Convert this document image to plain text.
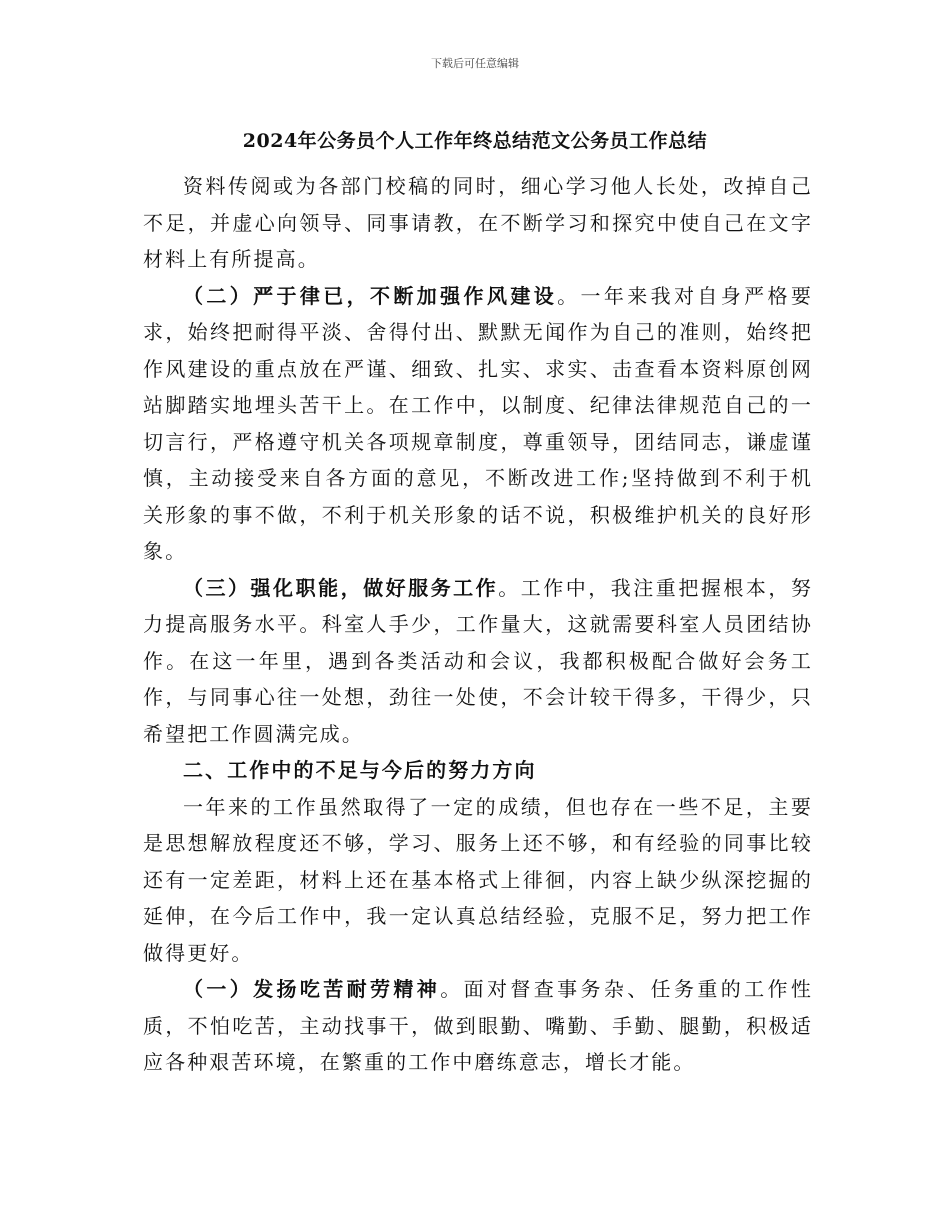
下载后可任意编辑
2024年公务员个人工作年终总结范文公务员工作总结

资料传阅或为各部门校稿的同时，细心学习他人长处，改掉自己不足，并虚心向领导、同事请教，在不断学习和探究中使自己在文字材料上有所提高。

（二）严于律已，不断加强作风建设。一年来我对自身严格要求，始终把耐得平淡、舍得付出、默默无闻作为自己的准则，始终把作风建设的重点放在严谨、细致、扎实、求实、击查看本资料原创网站脚踏实地埋头苦干上。在工作中，以制度、纪律法律规范自己的一切言行，严格遵守机关各项规章制度，尊重领导，团结同志，谦虚谨慎，主动接受来自各方面的意见，不断改进工作;坚持做到不利于机关形象的事不做，不利于机关形象的话不说，积极维护机关的良好形象。

（三）强化职能，做好服务工作。工作中，我注重把握根本，努力提高服务水平。科室人手少，工作量大，这就需要科室人员团结协作。在这一年里，遇到各类活动和会议，我都积极配合做好会务工作，与同事心往一处想，劲往一处使，不会计较干得多，干得少，只希望把工作圆满完成。

二、工作中的不足与今后的努力方向

一年来的工作虽然取得了一定的成绩，但也存在一些不足，主要是思想解放程度还不够，学习、服务上还不够，和有经验的同事比较还有一定差距，材料上还在基本格式上徘徊，内容上缺少纵深挖掘的延伸，在今后工作中，我一定认真总结经验，克服不足，努力把工作做得更好。

（一）发扬吃苦耐劳精神。面对督查事务杂、任务重的工作性质，不怕吃苦，主动找事干，做到眼勤、嘴勤、手勤、腿勤，积极适应各种艰苦环境，在繁重的工作中磨练意志，增长才能。
